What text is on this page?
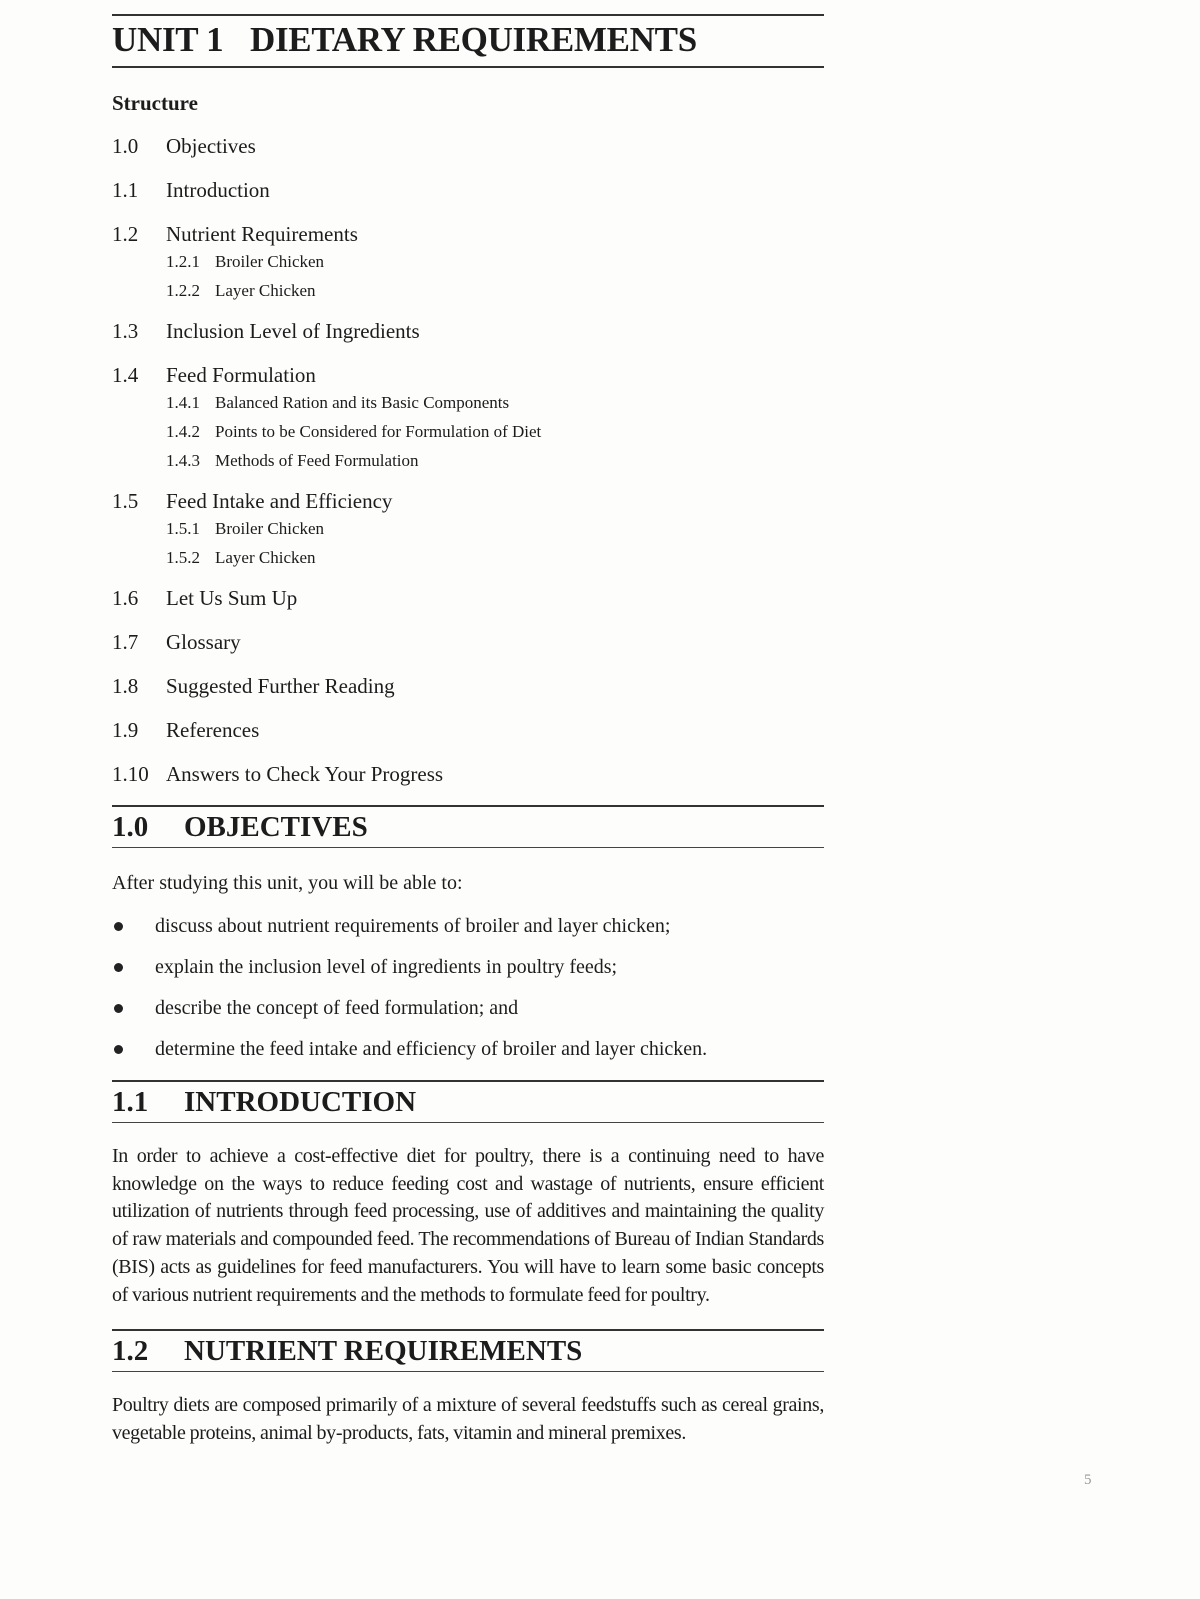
UNIT 1 DIETARY REQUIREMENTS
Structure
1.0 Objectives
1.1 Introduction
1.2 Nutrient Requirements
1.2.1 Broiler Chicken
1.2.2 Layer Chicken
1.3 Inclusion Level of Ingredients
1.4 Feed Formulation
1.4.1 Balanced Ration and its Basic Components
1.4.2 Points to be Considered for Formulation of Diet
1.4.3 Methods of Feed Formulation
1.5 Feed Intake and Efficiency
1.5.1 Broiler Chicken
1.5.2 Layer Chicken
1.6 Let Us Sum Up
1.7 Glossary
1.8 Suggested Further Reading
1.9 References
1.10 Answers to Check Your Progress
1.0 OBJECTIVES
After studying this unit, you will be able to:
discuss about nutrient requirements of broiler and layer chicken;
explain the inclusion level of ingredients in poultry feeds;
describe the concept of feed formulation; and
determine the feed intake and efficiency of broiler and layer chicken.
1.1 INTRODUCTION

In order to achieve a cost-effective diet for poultry, there is a continuing need to have knowledge on the ways to reduce feeding cost and wastage of nutrients, ensure efficient utilization of nutrients through feed processing, use of additives and maintaining the quality of raw materials and compounded feed. The recommendations of Bureau of Indian Standards (BIS) acts as guidelines for feed manufacturers. You will have to learn some basic concepts of various nutrient requirements and the methods to formulate feed for poultry.

1.2 NUTRIENT REQUIREMENTS

Poultry diets are composed primarily of a mixture of several feedstuffs such as cereal grains, vegetable proteins, animal by-products, fats, vitamin and mineral premixes.

5
